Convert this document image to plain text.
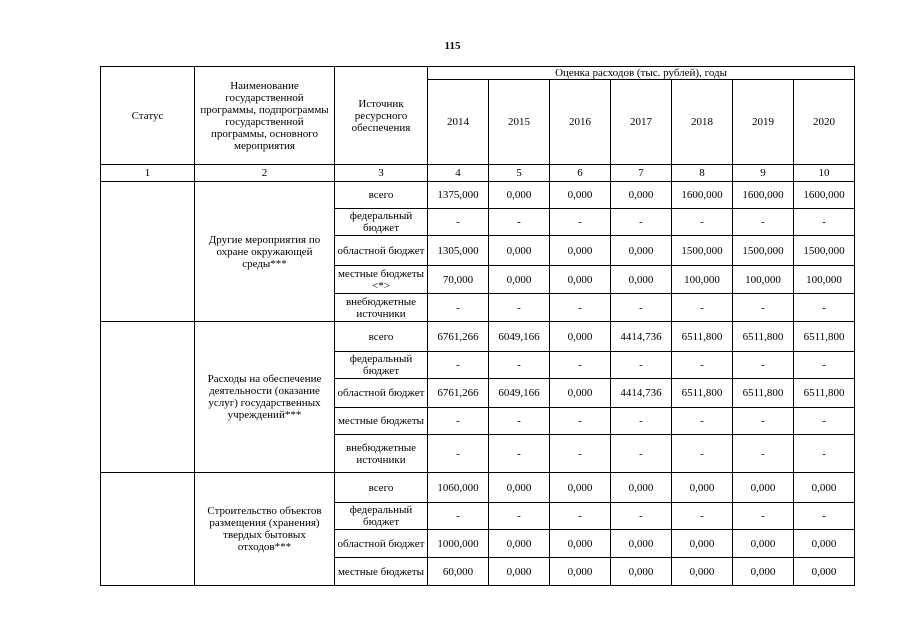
115
Статус	Наименование государственной программы, подпрограммы государственной программы, основного мероприятия	Источник ресурсного обеспечения	Оценка расходов (тыс. рублей), годы						
			2014	2015	2016	2017	2018	2019	2020
1	2	3	4	5	6	7	8	9	10
	Другие мероприятия по охране окружающей среды***	всего	1375,000	0,000	0,000	0,000	1600,000	1600,000	1600,000
		федеральный бюджет	-	-	-	-	-	-	-
		областной бюджет	1305,000	0,000	0,000	0,000	1500,000	1500,000	1500,000
		местные бюджеты <*>	70,000	0,000	0,000	0,000	100,000	100,000	100,000
		внебюджетные источники	-	-	-	-	-	-	-
	Расходы на обеспечение деятельности (оказание услуг) государственных учреждений***	всего	6761,266	6049,166	0,000	4414,736	6511,800	6511,800	6511,800
		федеральный бюджет	-	-	-	-	-	-	-
		областной бюджет	6761,266	6049,166	0,000	4414,736	6511,800	6511,800	6511,800
		местные бюджеты	-	-	-	-	-	-	-
		внебюджетные источники	-	-	-	-	-	-	-
	Строительство объектов размещения (хранения) твердых бытовых отходов***	всего	1060,000	0,000	0,000	0,000	0,000	0,000	0,000
		федеральный бюджет	-	-	-	-	-	-	-
		областной бюджет	1000,000	0,000	0,000	0,000	0,000	0,000	0,000
		местные бюджеты	60,000	0,000	0,000	0,000	0,000	0,000	0,000
